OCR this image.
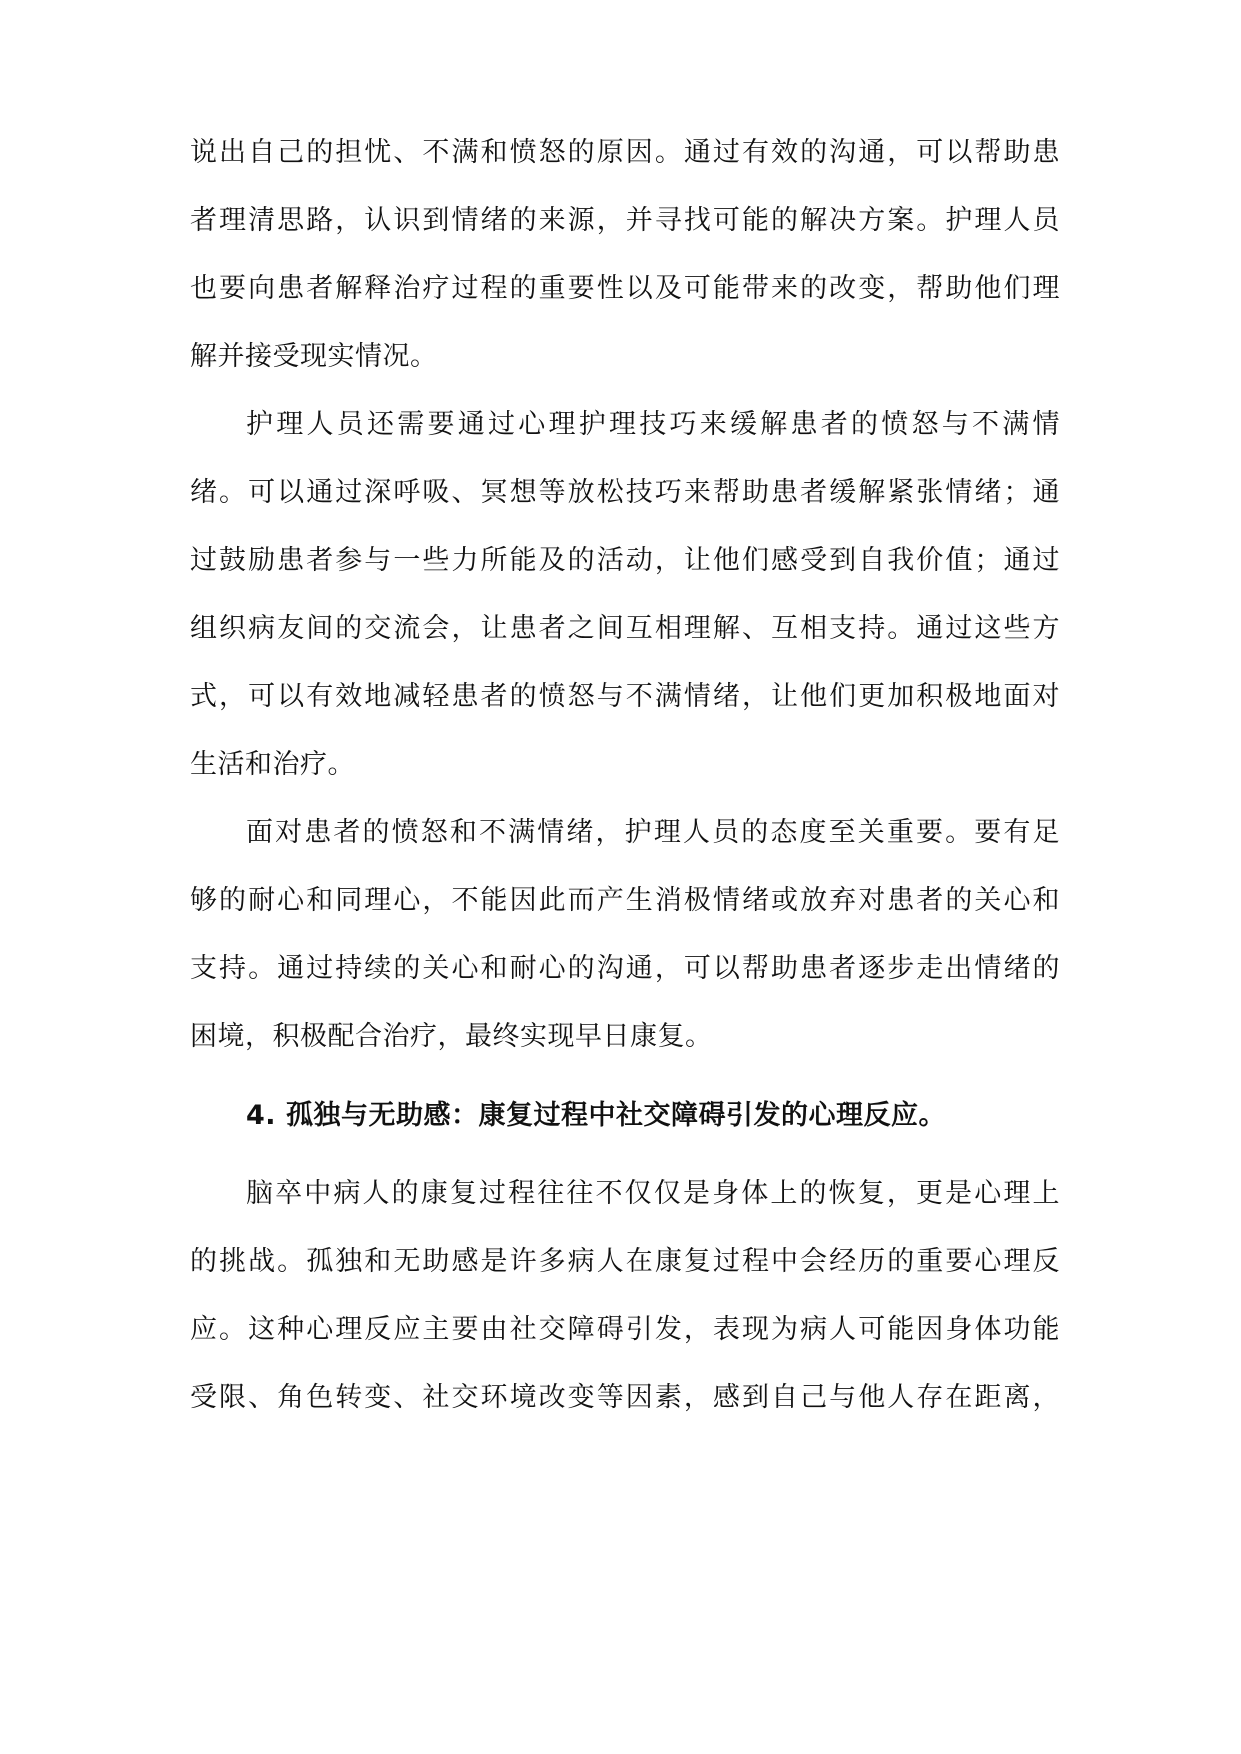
说出自己的担忧、不满和愤怒的原因。通过有效的沟通，可以帮助患
者理清思路，认识到情绪的来源，并寻找可能的解决方案。护理人员
也要向患者解释治疗过程的重要性以及可能带来的改变，帮助他们理
解并接受现实情况。
护理人员还需要通过心理护理技巧来缓解患者的愤怒与不满情
绪。可以通过深呼吸、冥想等放松技巧来帮助患者缓解紧张情绪；通
过鼓励患者参与一些力所能及的活动，让他们感受到自我价值；通过
组织病友间的交流会，让患者之间互相理解、互相支持。通过这些方
式，可以有效地减轻患者的愤怒与不满情绪，让他们更加积极地面对
生活和治疗。
面对患者的愤怒和不满情绪，护理人员的态度至关重要。要有足
够的耐心和同理心，不能因此而产生消极情绪或放弃对患者的关心和
支持。通过持续的关心和耐心的沟通，可以帮助患者逐步走出情绪的
困境，积极配合治疗，最终实现早日康复。
4. 孤独与无助感：康复过程中社交障碍引发的心理反应。
脑卒中病人的康复过程往往不仅仅是身体上的恢复，更是心理上
的挑战。孤独和无助感是许多病人在康复过程中会经历的重要心理反
应。这种心理反应主要由社交障碍引发，表现为病人可能因身体功能
受限、角色转变、社交环境改变等因素，感到自己与他人存在距离，
